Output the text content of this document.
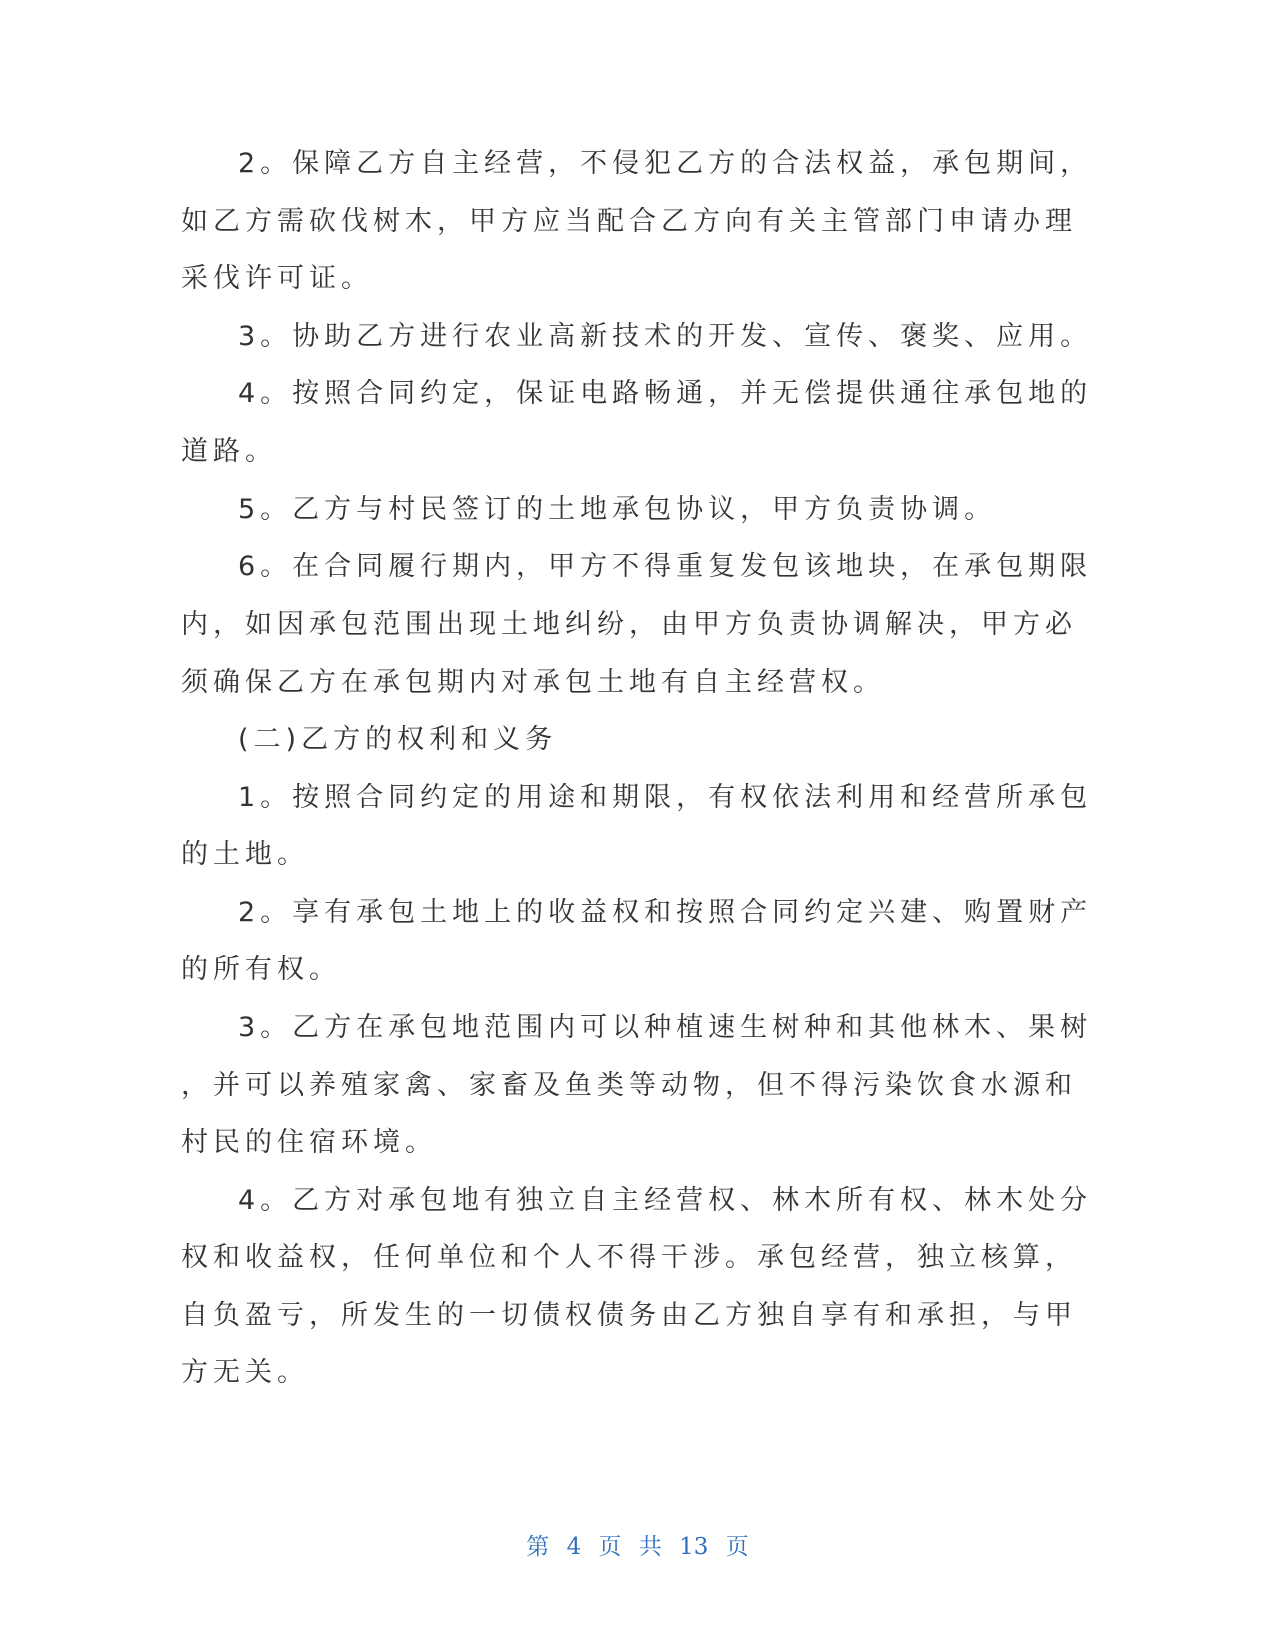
2。保障乙方自主经营，不侵犯乙方的合法权益，承包期间，
如乙方需砍伐树木，甲方应当配合乙方向有关主管部门申请办理
采伐许可证。
3。协助乙方进行农业高新技术的开发、宣传、褒奖、应用。
4。按照合同约定，保证电路畅通，并无偿提供通往承包地的
道路。
5。乙方与村民签订的土地承包协议，甲方负责协调。
6。在合同履行期内，甲方不得重复发包该地块，在承包期限
内，如因承包范围出现土地纠纷，由甲方负责协调解决，甲方必
须确保乙方在承包期内对承包土地有自主经营权。
(二)乙方的权利和义务
1。按照合同约定的用途和期限，有权依法利用和经营所承包
的土地。
2。享有承包土地上的收益权和按照合同约定兴建、购置财产
的所有权。
3。乙方在承包地范围内可以种植速生树种和其他林木、果树
，并可以养殖家禽、家畜及鱼类等动物，但不得污染饮食水源和
村民的住宿环境。
4。乙方对承包地有独立自主经营权、林木所有权、林木处分
权和收益权，任何单位和个人不得干涉。承包经营，独立核算，
自负盈亏，所发生的一切债权债务由乙方独自享有和承担，与甲
方无关。
第 4 页 共 13 页
